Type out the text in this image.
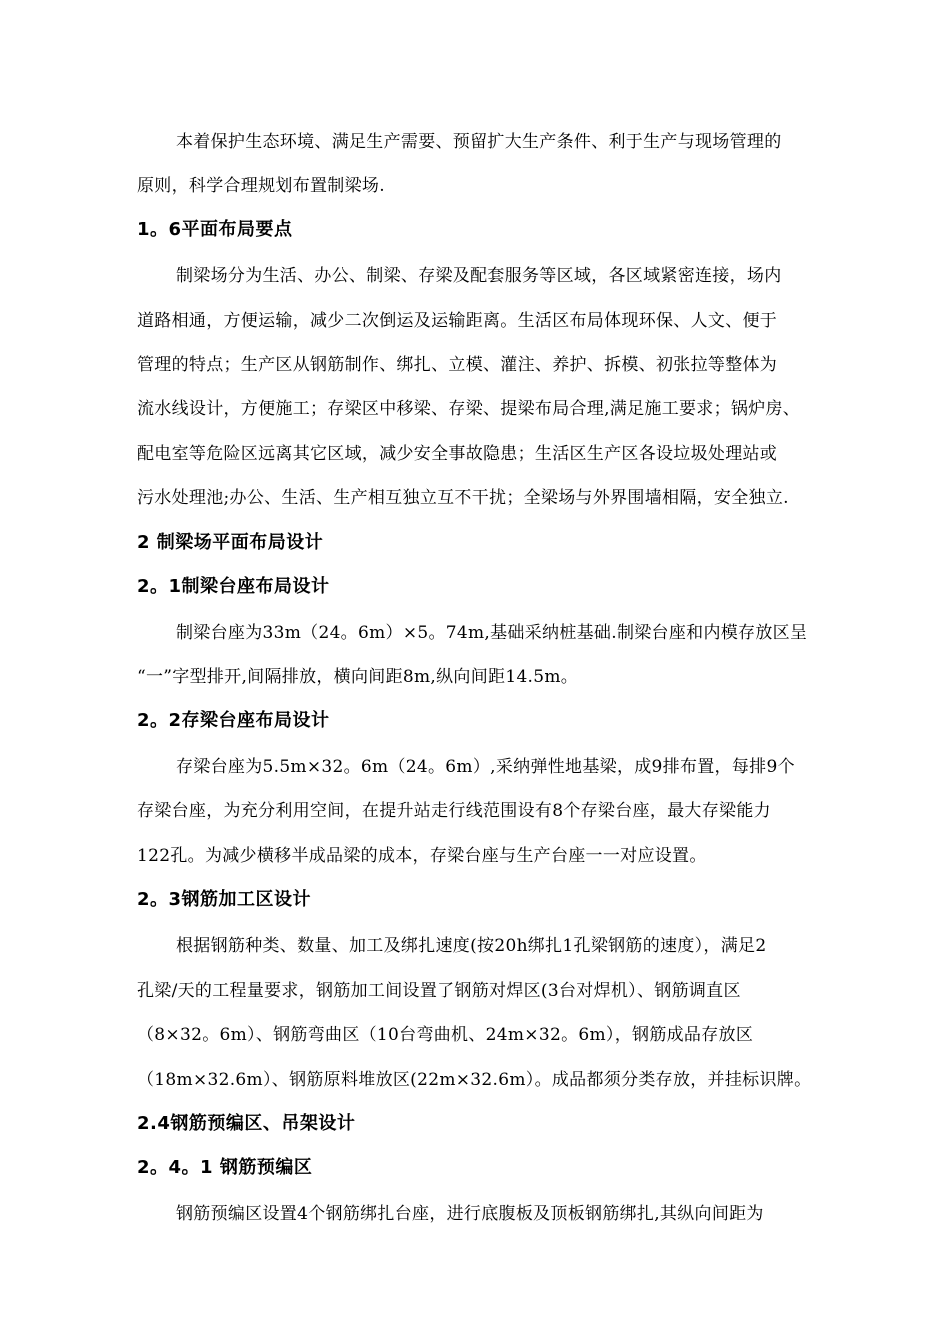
本着保护生态环境、满足生产需要、预留扩大生产条件、利于生产与现场管理的
原则，科学合理规划布置制梁场.
1。6平面布局要点
制梁场分为生活、办公、制梁、存梁及配套服务等区域，各区域紧密连接，场内
道路相通，方便运输，减少二次倒运及运输距离。生活区布局体现环保、人文、便于
管理的特点；生产区从钢筋制作、绑扎、立模、灌注、养护、拆模、初张拉等整体为
流水线设计，方便施工；存梁区中移梁、存梁、提梁布局合理,满足施工要求；锅炉房、
配电室等危险区远离其它区域，减少安全事故隐患；生活区生产区各设垃圾处理站或
污水处理池;办公、生活、生产相互独立互不干扰；全梁场与外界围墙相隔，安全独立.
2 制梁场平面布局设计
2。1制梁台座布局设计
制梁台座为33m（24。6m）×5。74m,基础采纳桩基础.制梁台座和内模存放区呈
“一”字型排开,间隔排放，横向间距8m,纵向间距14.5m。
2。2存梁台座布局设计
存梁台座为5.5m×32。6m（24。6m）,采纳弹性地基梁，成9排布置，每排9个
存梁台座，为充分利用空间，在提升站走行线范围设有8个存梁台座，最大存梁能力
122孔。为减少横移半成品梁的成本，存梁台座与生产台座一一对应设置。
2。3钢筋加工区设计
根据钢筋种类、数量、加工及绑扎速度(按20h绑扎1孔梁钢筋的速度），满足2
孔梁/天的工程量要求，钢筋加工间设置了钢筋对焊区(3台对焊机）、钢筋调直区
（8×32。6m）、钢筋弯曲区（10台弯曲机、24m×32。6m），钢筋成品存放区
（18m×32.6m）、钢筋原料堆放区(22m×32.6m）。成品都须分类存放，并挂标识牌。
2.4钢筋预编区、吊架设计
2。4。1 钢筋预编区
钢筋预编区设置4个钢筋绑扎台座，进行底腹板及顶板钢筋绑扎,其纵向间距为
